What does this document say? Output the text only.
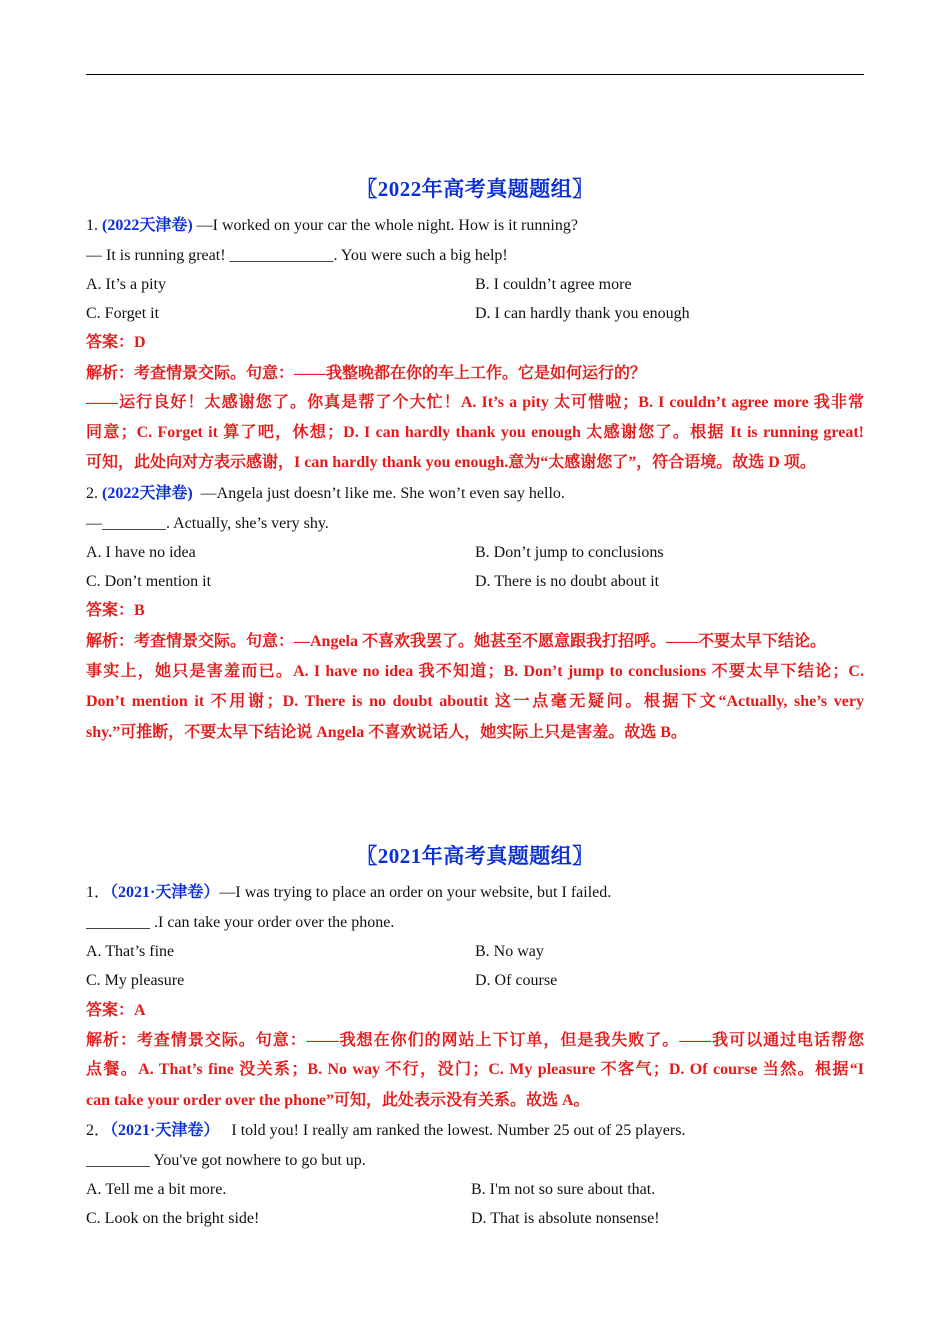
〖2022年高考真题题组〗
1. (2022天津卷) —I worked on your car the whole night. How is it running?
— It is running great! _____________. You were such a big help!
A. It’s a pity	B. I couldn’t agree more
C. Forget it	D. I can hardly thank you enough
答案：D
解析：考查情景交际。句意：——我整晚都在你的车上工作。它是如何运行的？
——运行良好！太感谢您了。你真是帮了个大忙！A. It’s a pity 太可惜啦；B. I couldn’t agree more 我非常
同意；C. Forget it 算了吧，休想；D. I can hardly thank you enough 太感谢您了。根据 It is running great!
可知，此处向对方表示感谢，I can hardly thank you enough.意为“太感谢您了”，符合语境。故选 D 项。
2. (2022天津卷)  —Angela just doesn’t like me. She won’t even say hello.
—________. Actually, she’s very shy.
A. I have no idea	B. Don’t jump to conclusions
C. Don’t mention it	D. There is no doubt about it
答案：B
解析：考查情景交际。句意：—Angela 不喜欢我罢了。她甚至不愿意跟我打招呼。——不要太早下结论。
事实上，她只是害羞而已。A. I have no idea 我不知道；B. Don’t jump to conclusions 不要太早下结论；C.
Don’t mention it 不用谢；D. There is no doubt aboutit 这一点毫无疑问。根据下文“Actually, she’s very
shy.”可推断，不要太早下结论说 Angela 不喜欢说话人，她实际上只是害羞。故选 B。
〖2021年高考真题题组〗
1．（2021·天津卷）—I was trying to place an order on your website, but I failed.
________ .I can take your order over the phone.
A. That’s fine	B. No way
C. My pleasure	D. Of course
答案：A
解析：考查情景交际。句意：——我想在你们的网站上下订单，但是我失败了。——我可以通过电话帮您
点餐。A. That’s fine 没关系；B. No way 不行，没门；C. My pleasure 不客气；D. Of course 当然。根据“I
can take your order over the phone”可知，此处表示没有关系。故选 A。
2．（2021·天津卷）   I told you! I really am ranked the lowest. Number 25 out of 25 players.
________ You've got nowhere to go but up.
A. Tell me a bit more.	B. I'm not so sure about that.
C. Look on the bright side!	D. That is absolute nonsense!
